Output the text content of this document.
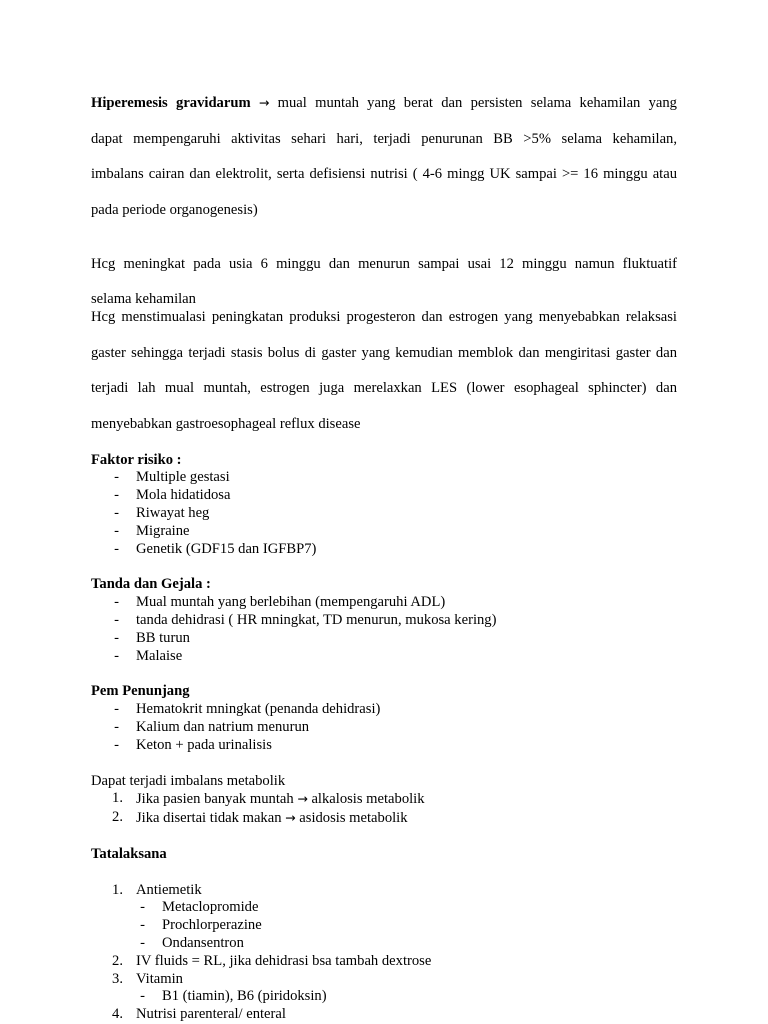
Hiperemesis gravidarum → mual muntah yang berat dan persisten selama kehamilan yang

dapat mempengaruhi aktivitas sehari hari, terjadi penurunan BB >5% selama kehamilan,

imbalans cairan dan elektrolit, serta defisiensi nutrisi ( 4-6 mingg UK sampai >= 16 minggu atau

pada periode organogenesis)

Hcg meningkat pada usia 6 minggu dan menurun sampai usai 12 minggu namun fluktuatif

selama kehamilan

Hcg menstimualasi peningkatan produksi progesteron dan estrogen yang menyebabkan relaksasi

gaster sehingga terjadi stasis bolus di gaster yang kemudian memblok dan mengiritasi gaster dan

terjadi lah mual muntah, estrogen juga merelaxkan LES (lower esophageal sphincter) dan

menyebabkan gastroesophageal reflux disease

Faktor risiko :

-	Multiple gestasi
-	Mola hidatidosa
-	Riwayat heg
-	Migraine
-	Genetik (GDF15 dan IGFBP7)

Tanda dan Gejala :

-	Mual muntah yang berlebihan (mempengaruhi ADL)
-	tanda dehidrasi ( HR mningkat, TD menurun, mukosa kering)
-	BB turun
-	Malaise

Pem Penunjang

-	Hematokrit mningkat (penanda dehidrasi)
-	Kalium dan natrium menurun
-	Keton + pada urinalisis

Dapat terjadi imbalans metabolik

1. Jika pasien banyak muntah → alkalosis metabolik
2. Jika disertai tidak makan → asidosis metabolik

Tatalaksana

1. Antiemetik
-	Metaclopromide
-	Prochlorperazine
-	Ondansentron
2. IV fluids = RL, jika dehidrasi bsa tambah dextrose
3. Vitamin
-	B1 (tiamin), B6 (piridoksin)
4. Nutrisi parenteral/ enteral
